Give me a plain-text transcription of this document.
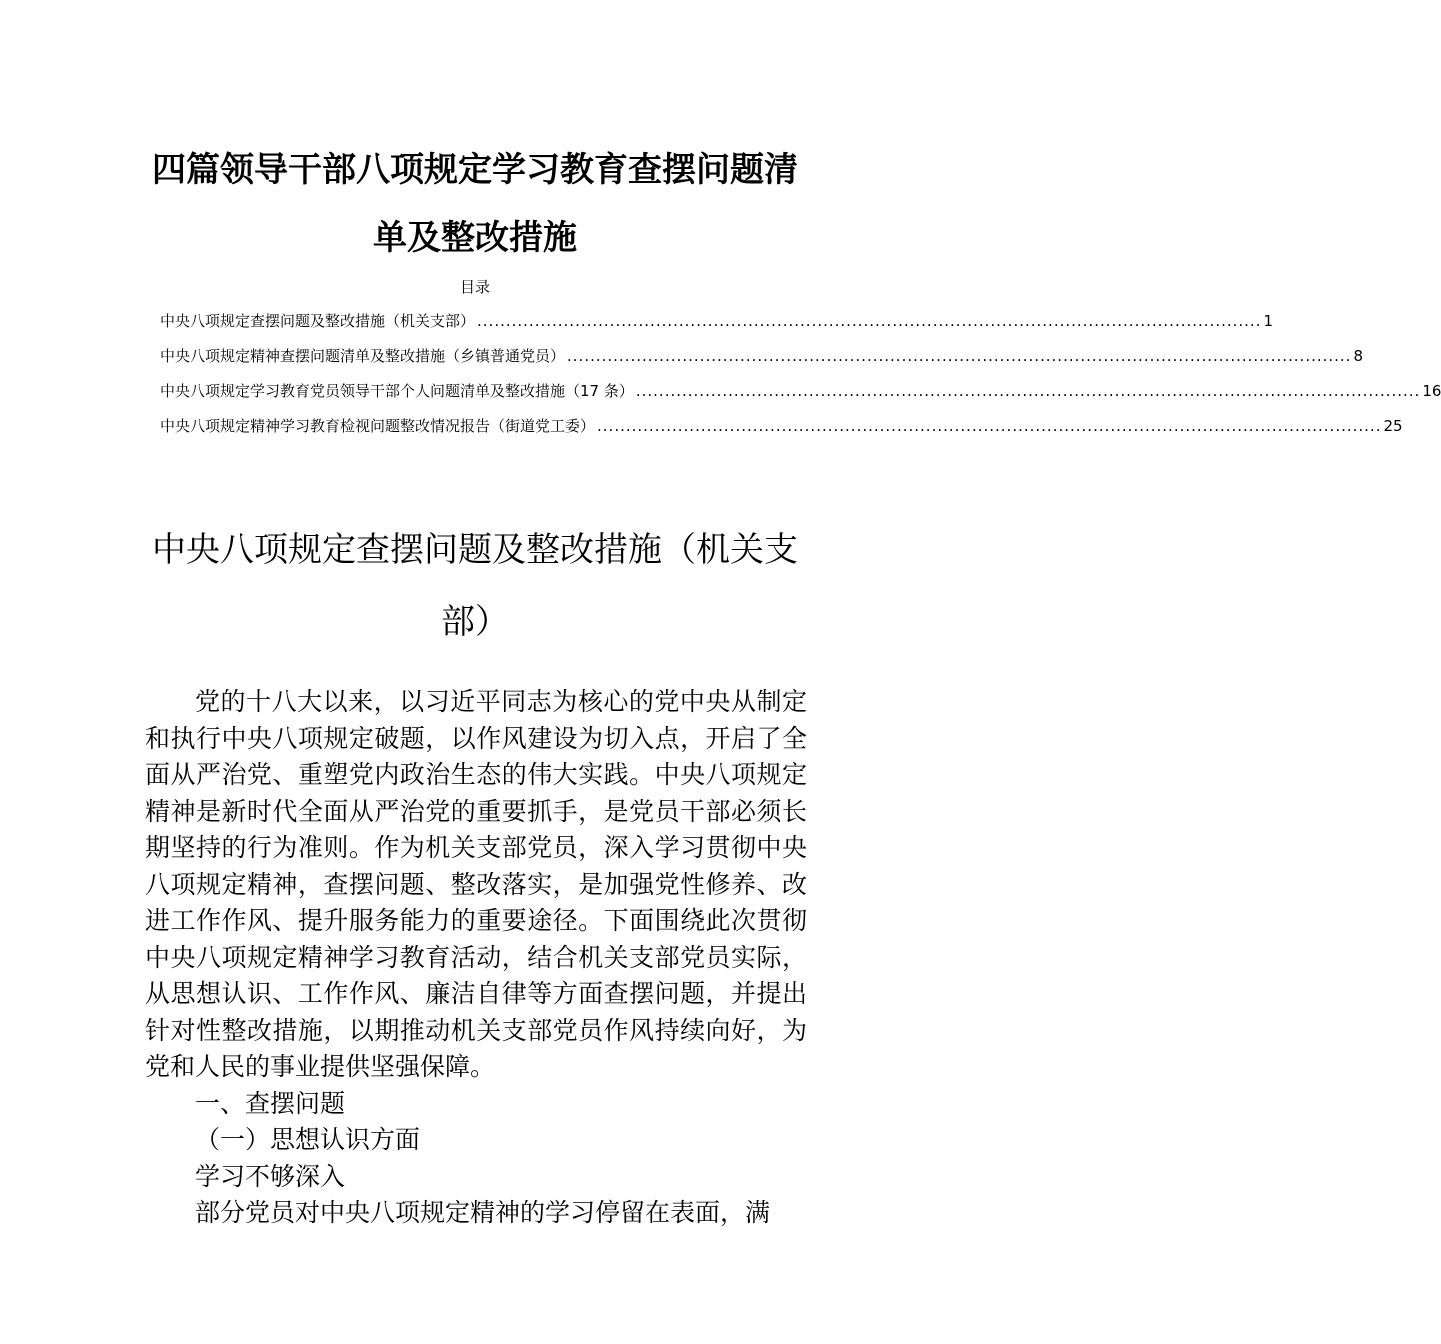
四篇领导干部八项规定学习教育查摆问题清单及整改措施
目录
中央八项规定查摆问题及整改措施（机关支部） ........................................................................................................................................ 1
中央八项规定精神查摆问题清单及整改措施（乡镇普通党员） ........................................................................................................................................ 8
中央八项规定学习教育党员领导干部个人问题清单及整改措施（17 条） ........................................................................................................................................ 16
中央八项规定精神学习教育检视问题整改情况报告（街道党工委） ........................................................................................................................................ 25
中央八项规定查摆问题及整改措施（机关支部）

党的十八大以来，以习近平同志为核心的党中央从制定和执行中央八项规定破题，以作风建设为切入点，开启了全面从严治党、重塑党内政治生态的伟大实践。中央八项规定精神是新时代全面从严治党的重要抓手，是党员干部必须长期坚持的行为准则。作为机关支部党员，深入学习贯彻中央八项规定精神，查摆问题、整改落实，是加强党性修养、改进工作作风、提升服务能力的重要途径。下面围绕此次贯彻中央八项规定精神学习教育活动，结合机关支部党员实际，从思想认识、工作作风、廉洁自律等方面查摆问题，并提出针对性整改措施，以期推动机关支部党员作风持续向好，为党和人民的事业提供坚强保障。

一、查摆问题

（一）思想认识方面

学习不够深入

部分党员对中央八项规定精神的学习停留在表面，满
